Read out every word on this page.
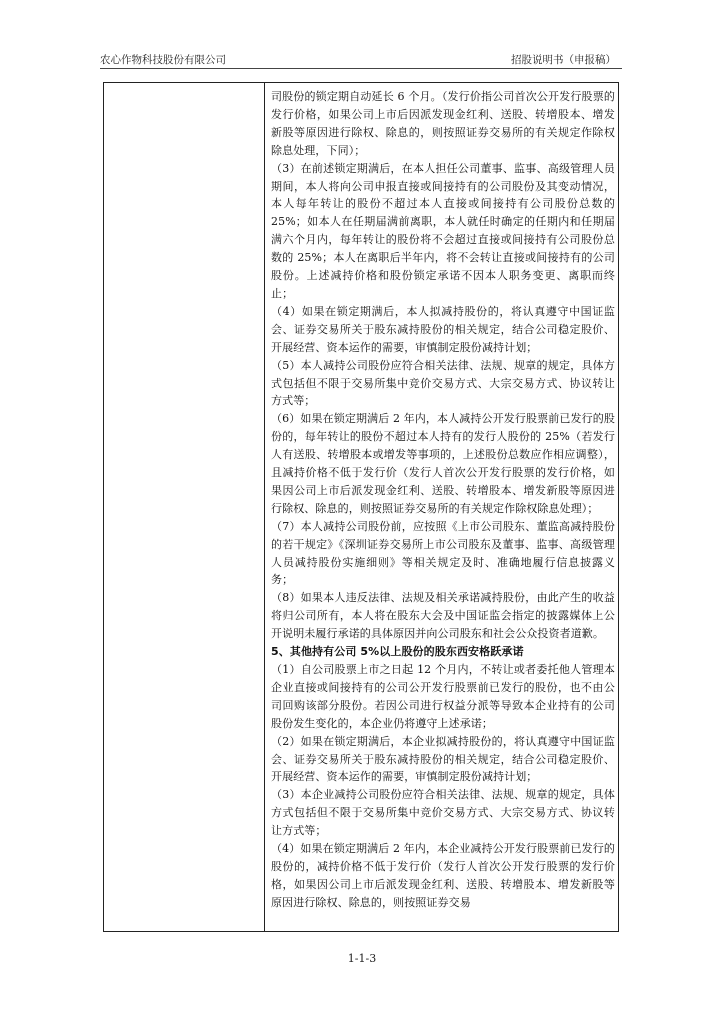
农心作物科技股份有限公司	招股说明书（申报稿）

司股份的锁定期自动延长 6 个月。（发行价指公司首次公开发行股票的发行价格，如果公司上市后因派发现金红利、送股、转增股本、增发新股等原因进行除权、除息的，则按照证券交易所的有关规定作除权除息处理，下同）；

（3）在前述锁定期满后，在本人担任公司董事、监事、高级管理人员期间，本人将向公司申报直接或间接持有的公司股份及其变动情况，本人每年转让的股份不超过本人直接或间接持有公司股份总数的 25%；如本人在任期届满前离职，本人就任时确定的任期内和任期届满六个月内，每年转让的股份将不会超过直接或间接持有公司股份总数的 25%；本人在离职后半年内，将不会转让直接或间接持有的公司股份。上述减持价格和股份锁定承诺不因本人职务变更、离职而终止；

（4）如果在锁定期满后，本人拟减持股份的，将认真遵守中国证监会、证券交易所关于股东减持股份的相关规定，结合公司稳定股价、开展经营、资本运作的需要，审慎制定股份减持计划；

（5）本人减持公司股份应符合相关法律、法规、规章的规定，具体方式包括但不限于交易所集中竞价交易方式、大宗交易方式、协议转让方式等；

（6）如果在锁定期满后 2 年内，本人减持公开发行股票前已发行的股份的，每年转让的股份不超过本人持有的发行人股份的 25%（若发行人有送股、转增股本或增发等事项的，上述股份总数应作相应调整），且减持价格不低于发行价（发行人首次公开发行股票的发行价格，如果因公司上市后派发现金红利、送股、转增股本、增发新股等原因进行除权、除息的，则按照证券交易所的有关规定作除权除息处理）；

（7）本人减持公司股份前，应按照《上市公司股东、董监高减持股份的若干规定》《深圳证券交易所上市公司股东及董事、监事、高级管理人员减持股份实施细则》等相关规定及时、准确地履行信息披露义务；

（8）如果本人违反法律、法规及相关承诺减持股份，由此产生的收益将归公司所有，本人将在股东大会及中国证监会指定的披露媒体上公开说明未履行承诺的具体原因并向公司股东和社会公众投资者道歉。

5、其他持有公司 5%以上股份的股东西安格跃承诺

（1）自公司股票上市之日起 12 个月内，不转让或者委托他人管理本企业直接或间接持有的公司公开发行股票前已发行的股份，也不由公司回购该部分股份。若因公司进行权益分派等导致本企业持有的公司股份发生变化的，本企业仍将遵守上述承诺；

（2）如果在锁定期满后，本企业拟减持股份的，将认真遵守中国证监会、证券交易所关于股东减持股份的相关规定，结合公司稳定股价、开展经营、资本运作的需要，审慎制定股份减持计划；

（3）本企业减持公司股份应符合相关法律、法规、规章的规定，具体方式包括但不限于交易所集中竞价交易方式、大宗交易方式、协议转让方式等；

（4）如果在锁定期满后 2 年内，本企业减持公开发行股票前已发行的股份的，减持价格不低于发行价（发行人首次公开发行股票的发行价格，如果因公司上市后派发现金红利、送股、转增股本、增发新股等原因进行除权、除息的，则按照证券交易

1-1-3
